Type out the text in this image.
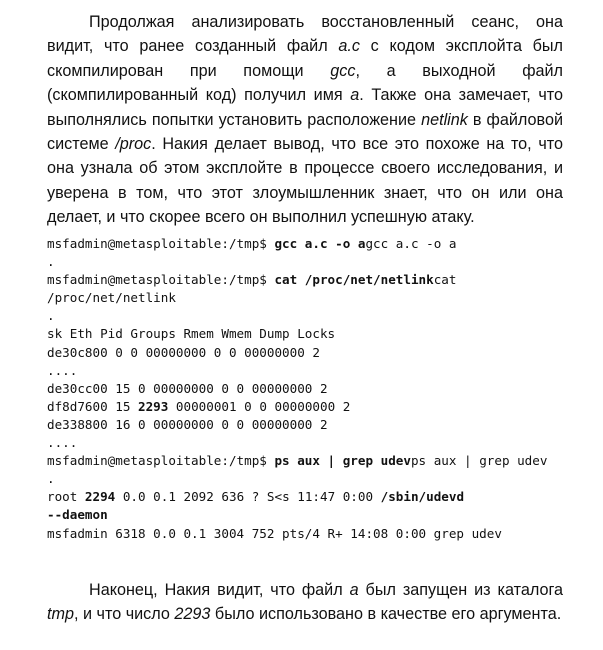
Продолжая анализировать восстановленный сеанс, она видит, что ранее созданный файл a.c с кодом эксплойта был скомпилирован при помощи gcc, а выходной файл (скомпилированный код) получил имя a. Также она замечает, что выполнялись попытки установить расположение netlink в файловой системе /proc. Накия делает вывод, что все это похоже на то, что она узнала об этом эксплойте в процессе своего исследования, и уверена в том, что этот злоумышленник знает, что он или она делает, и что скорее всего он выполнил успешную атаку.

msfadmin@metasploitable:/tmp$ gcc a.c -o agcc a.c -o a
.
msfadmin@metasploitable:/tmp$ cat /proc/net/netlinkcat
/proc/net/netlink
.
sk Eth Pid Groups Rmem Wmem Dump Locks
de30c800 0 0 00000000 0 0 00000000 2
....
de30cc00 15 0 00000000 0 0 00000000 2
df8d7600 15 2293 00000001 0 0 00000000 2
de338800 16 0 00000000 0 0 00000000 2
....
msfadmin@metasploitable:/tmp$ ps aux | grep udevps aux | grep udev
.
root 2294 0.0 0.1 2092 636 ? S<s 11:47 0:00 /sbin/udevd
--daemon
msfadmin 6318 0.0 0.1 3004 752 pts/4 R+ 14:08 0:00 grep udev

Наконец, Накия видит, что файл a был запущен из каталога tmp, и что число 2293 было использовано в качестве его аргумента.
